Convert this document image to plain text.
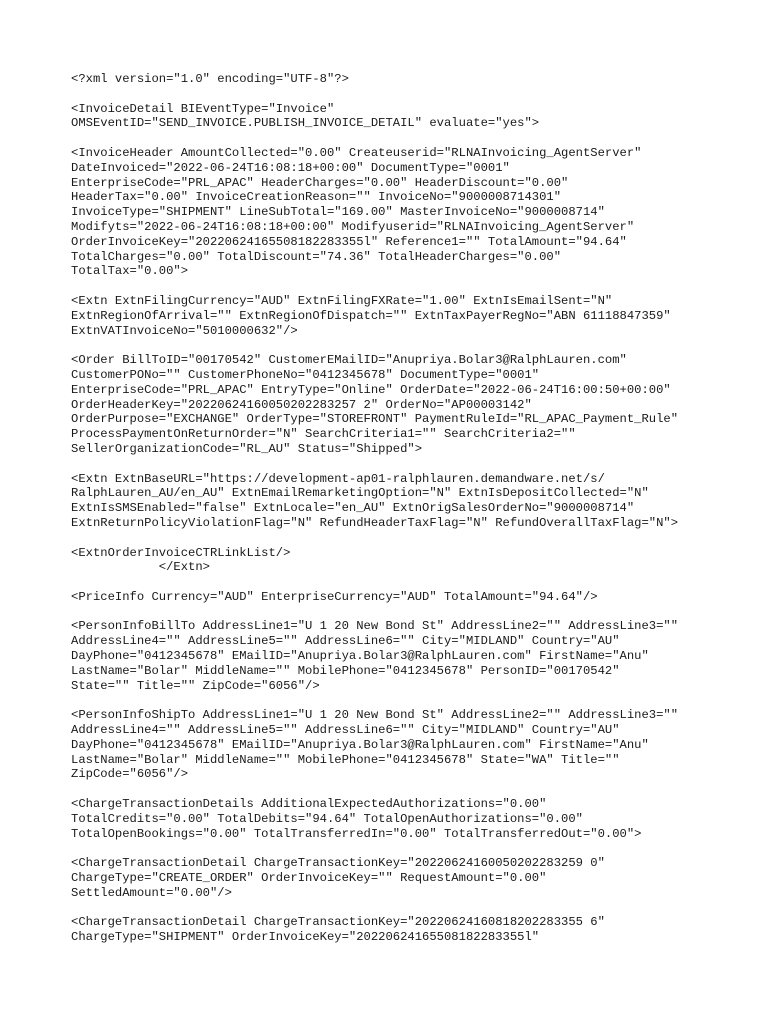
<?xml version="1.0" encoding="UTF-8"?>
<InvoiceDetail BIEventType="Invoice"
OMSEventID="SEND_INVOICE.PUBLISH_INVOICE_DETAIL" evaluate="yes">
<InvoiceHeader AmountCollected="0.00" Createuserid="RLNAInvoicing_AgentServer"
DateInvoiced="2022-06-24T16:08:18+00:00" DocumentType="0001"
EnterpriseCode="PRL_APAC" HeaderCharges="0.00" HeaderDiscount="0.00"
HeaderTax="0.00" InvoiceCreationReason="" InvoiceNo="9000008714301"
InvoiceType="SHIPMENT" LineSubTotal="169.00" MasterInvoiceNo="9000008714"
Modifyts="2022-06-24T16:08:18+00:00" Modifyuserid="RLNAInvoicing_AgentServer"
OrderInvoiceKey="20220624165508182283355l" Reference1="" TotalAmount="94.64"
TotalCharges="0.00" TotalDiscount="74.36" TotalHeaderCharges="0.00"
TotalTax="0.00">
<Extn ExtnFilingCurrency="AUD" ExtnFilingFXRate="1.00" ExtnIsEmailSent="N"
ExtnRegionOfArrival="" ExtnRegionOfDispatch="" ExtnTaxPayerRegNo="ABN 61118847359"
ExtnVATInvoiceNo="5010000632"/>
<Order BillToID="00170542" CustomerEMailID="Anupriya.Bolar3@RalphLauren.com"
CustomerPONo="" CustomerPhoneNo="0412345678" DocumentType="0001"
EnterpriseCode="PRL_APAC" EntryType="Online" OrderDate="2022-06-24T16:00:50+00:00"
OrderHeaderKey="20220624160050202283257 2" OrderNo="AP00003142"
OrderPurpose="EXCHANGE" OrderType="STOREFRONT" PaymentRuleId="RL_APAC_Payment_Rule"
ProcessPaymentOnReturnOrder="N" SearchCriteria1="" SearchCriteria2=""
SellerOrganizationCode="RL_AU" Status="Shipped">
<Extn ExtnBaseURL="https://development-ap01-ralphlauren.demandware.net/s/
RalphLauren_AU/en_AU" ExtnEmailRemarketingOption="N" ExtnIsDepositCollected="N"
ExtnIsSMSEnabled="false" ExtnLocale="en_AU" ExtnOrigSalesOrderNo="9000008714"
ExtnReturnPolicyViolationFlag="N" RefundHeaderTaxFlag="N" RefundOverallTaxFlag="N">
<ExtnOrderInvoiceCTRLinkList/>
</Extn>
<PriceInfo Currency="AUD" EnterpriseCurrency="AUD" TotalAmount="94.64"/>
<PersonInfoBillTo AddressLine1="U 1 20 New Bond St" AddressLine2="" AddressLine3=""
AddressLine4="" AddressLine5="" AddressLine6="" City="MIDLAND" Country="AU"
DayPhone="0412345678" EMailID="Anupriya.Bolar3@RalphLauren.com" FirstName="Anu"
LastName="Bolar" MiddleName="" MobilePhone="0412345678" PersonID="00170542"
State="" Title="" ZipCode="6056"/>
<PersonInfoShipTo AddressLine1="U 1 20 New Bond St" AddressLine2="" AddressLine3=""
AddressLine4="" AddressLine5="" AddressLine6="" City="MIDLAND" Country="AU"
DayPhone="0412345678" EMailID="Anupriya.Bolar3@RalphLauren.com" FirstName="Anu"
LastName="Bolar" MiddleName="" MobilePhone="0412345678" State="WA" Title=""
ZipCode="6056"/>
<ChargeTransactionDetails AdditionalExpectedAuthorizations="0.00"
TotalCredits="0.00" TotalDebits="94.64" TotalOpenAuthorizations="0.00"
TotalOpenBookings="0.00" TotalTransferredIn="0.00" TotalTransferredOut="0.00">
<ChargeTransactionDetail ChargeTransactionKey="20220624160050202283259 0"
ChargeType="CREATE_ORDER" OrderInvoiceKey="" RequestAmount="0.00"
SettledAmount="0.00"/>
<ChargeTransactionDetail ChargeTransactionKey="20220624160818202283355 6"
ChargeType="SHIPMENT" OrderInvoiceKey="20220624165508182283355l"
